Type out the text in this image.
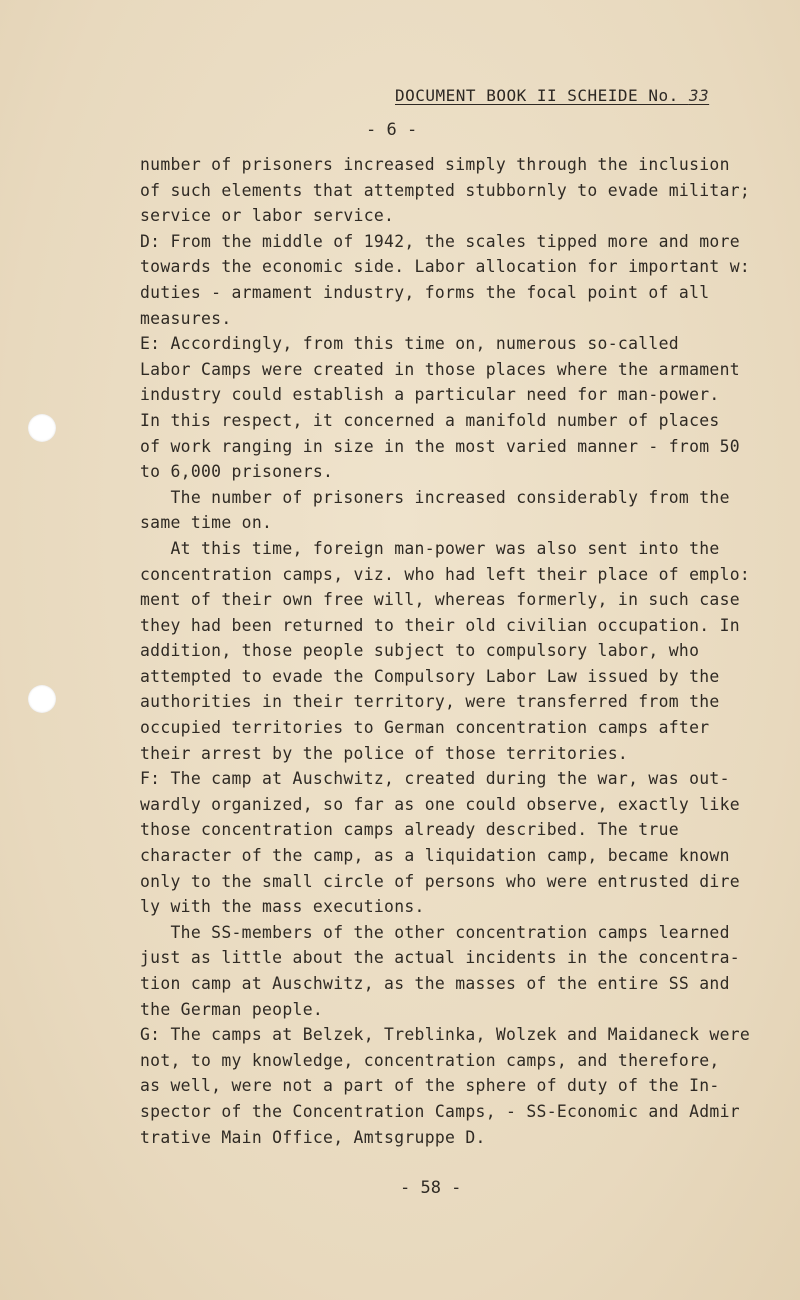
DOCUMENT BOOK II SCHEIDE No. 33
- 6 -
number of prisoners increased simply through the inclusion
of such elements that attempted stubbornly to evade militar;
service or labor service.
D: From the middle of 1942, the scales tipped more and more
towards the economic side. Labor allocation for important w:
duties - armament industry, forms the focal point of all
measures.
E: Accordingly, from this time on, numerous so-called
Labor Camps were created in those places where the armament
industry could establish a particular need for man-power.
In this respect, it concerned a manifold number of places
of work ranging in size in the most varied manner - from 50
to 6,000 prisoners.
The number of prisoners increased considerably from the
same time on.
At this time, foreign man-power was also sent into the
concentration camps, viz. who had left their place of emplo:
ment of their own free will, whereas formerly, in such case
they had been returned to their old civilian occupation. In
addition, those people subject to compulsory labor, who
attempted to evade the Compulsory Labor Law issued by the
authorities in their territory, were transferred from the
occupied territories to German concentration camps after
their arrest by the police of those territories.
F: The camp at Auschwitz, created during the war, was out-
wardly organized, so far as one could observe, exactly like
those concentration camps already described. The true
character of the camp, as a liquidation camp, became known
only to the small circle of persons who were entrusted dire
ly with the mass executions.
The SS-members of the other concentration camps learned
just as little about the actual incidents in the concentra-
tion camp at Auschwitz, as the masses of the entire SS and
the German people.
G: The camps at Belzek, Treblinka, Wolzek and Maidaneck were
not, to my knowledge, concentration camps, and therefore,
as well, were not a part of the sphere of duty of the In-
spector of the Concentration Camps, - SS-Economic and Admir
trative Main Office, Amtsgruppe D.
- 58 -
